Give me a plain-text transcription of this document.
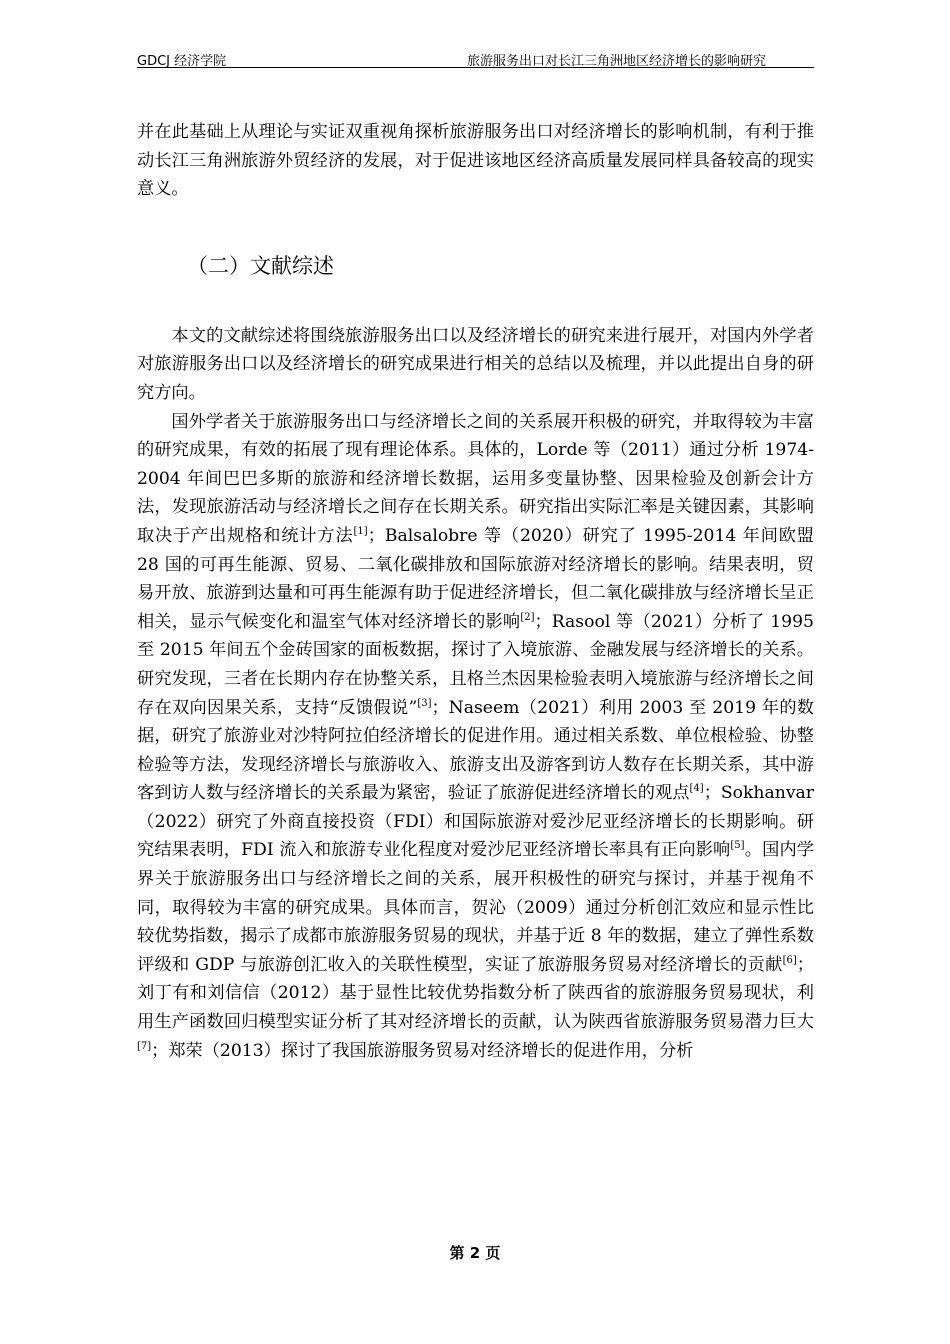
GDCJ 经济学院	旅游服务出口对长江三角洲地区经济增长的影响研究

并在此基础上从理论与实证双重视角探析旅游服务出口对经济增长的影响机制，有利于推动长江三角洲旅游外贸经济的发展，对于促进该地区经济高质量发展同样具备较高的现实意义。

（二）文献综述

本文的文献综述将围绕旅游服务出口以及经济增长的研究来进行展开，对国内外学者对旅游服务出口以及经济增长的研究成果进行相关的总结以及梳理，并以此提出自身的研究方向。

国外学者关于旅游服务出口与经济增长之间的关系展开积极的研究，并取得较为丰富的研究成果，有效的拓展了现有理论体系。具体的，Lorde 等（2011）通过分析 1974-2004 年间巴巴多斯的旅游和经济增长数据，运用多变量协整、因果检验及创新会计方法，发现旅游活动与经济增长之间存在长期关系。研究指出实际汇率是关键因素，其影响取决于产出规格和统计方法[1]；Balsalobre 等（2020）研究了 1995-2014 年间欧盟 28 国的可再生能源、贸易、二氧化碳排放和国际旅游对经济增长的影响。结果表明，贸易开放、旅游到达量和可再生能源有助于促进经济增长，但二氧化碳排放与经济增长呈正相关，显示气候变化和温室气体对经济增长的影响[2]；Rasool 等（2021）分析了 1995 至 2015 年间五个金砖国家的面板数据，探讨了入境旅游、金融发展与经济增长的关系。研究发现，三者在长期内存在协整关系，且格兰杰因果检验表明入境旅游与经济增长之间存在双向因果关系，支持“反馈假说”[3]；Naseem（2021）利用 2003 至 2019 年的数据，研究了旅游业对沙特阿拉伯经济增长的促进作用。通过相关系数、单位根检验、协整检验等方法，发现经济增长与旅游收入、旅游支出及游客到访人数存在长期关系，其中游客到访人数与经济增长的关系最为紧密，验证了旅游促进经济增长的观点[4]；Sokhanvar（2022）研究了外商直接投资（FDI）和国际旅游对爱沙尼亚经济增长的长期影响。研究结果表明，FDI 流入和旅游专业化程度对爱沙尼亚经济增长率具有正向影响[5]。国内学界关于旅游服务出口与经济增长之间的关系，展开积极性的研究与探讨，并基于视角不同，取得较为丰富的研究成果。具体而言，贺沁（2009）通过分析创汇效应和显示性比较优势指数，揭示了成都市旅游服务贸易的现状，并基于近 8 年的数据，建立了弹性系数评级和 GDP 与旅游创汇收入的关联性模型，实证了旅游服务贸易对经济增长的贡献[6]；刘丁有和刘信信（2012）基于显性比较优势指数分析了陕西省的旅游服务贸易现状，利用生产函数回归模型实证分析了其对经济增长的贡献，认为陕西省旅游服务贸易潜力巨大[7]；郑荣（2013）探讨了我国旅游服务贸易对经济增长的促进作用，分析

第 2 页
